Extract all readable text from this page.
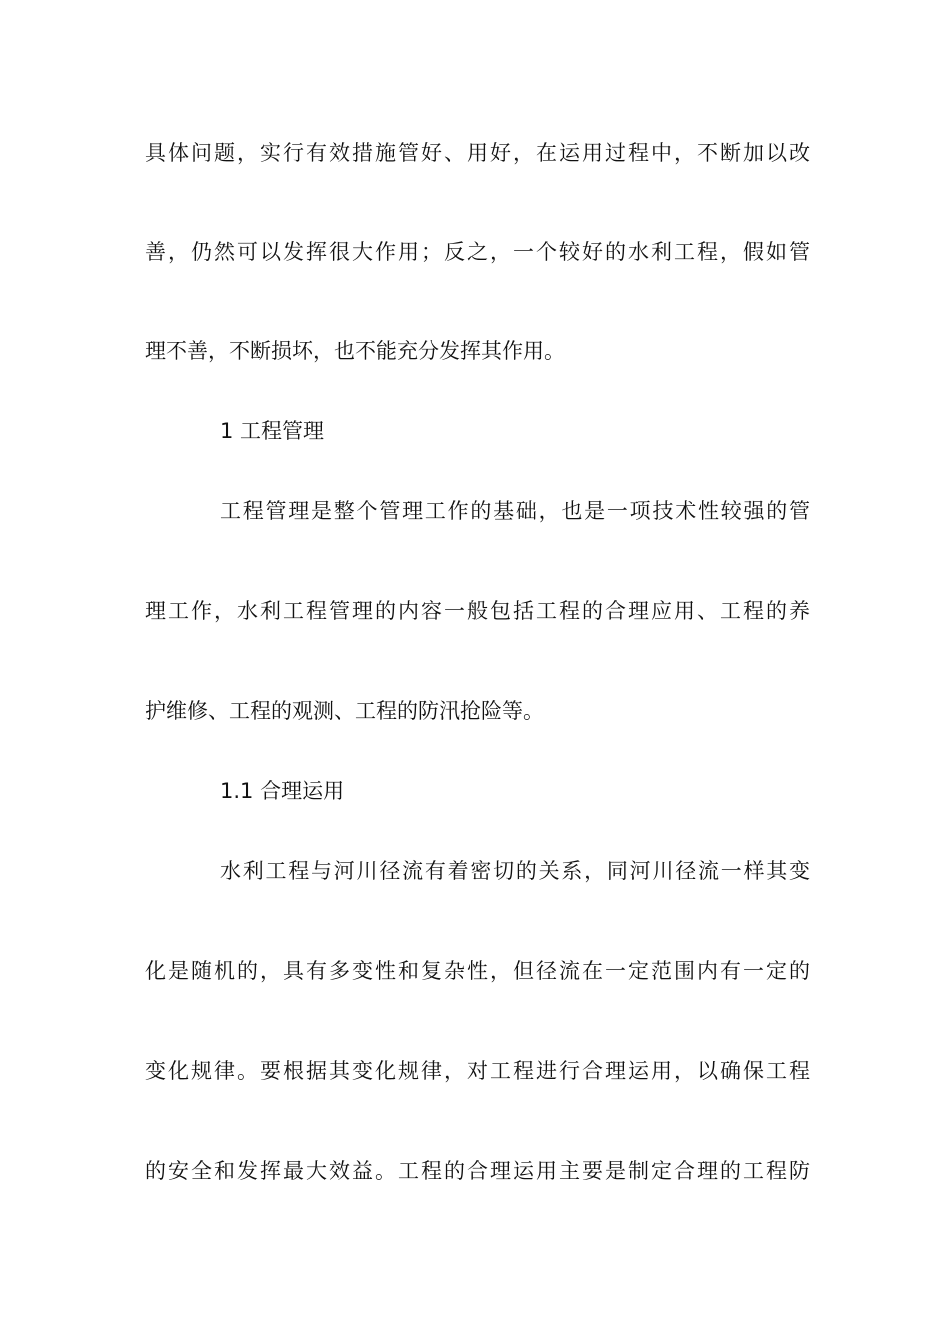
具体问题，实行有效措施管好、用好，在运用过程中，不断加以改
善，仍然可以发挥很大作用；反之，一个较好的水利工程，假如管
理不善，不断损坏，也不能充分发挥其作用。
1 工程管理
工程管理是整个管理工作的基础，也是一项技术性较强的管
理工作，水利工程管理的内容一般包括工程的合理应用、工程的养
护维修、工程的观测、工程的防汛抢险等。
1.1 合理运用
水利工程与河川径流有着密切的关系，同河川径流一样其变
化是随机的，具有多变性和复杂性，但径流在一定范围内有一定的
变化规律。要根据其变化规律，对工程进行合理运用，以确保工程
的安全和发挥最大效益。工程的合理运用主要是制定合理的工程防
